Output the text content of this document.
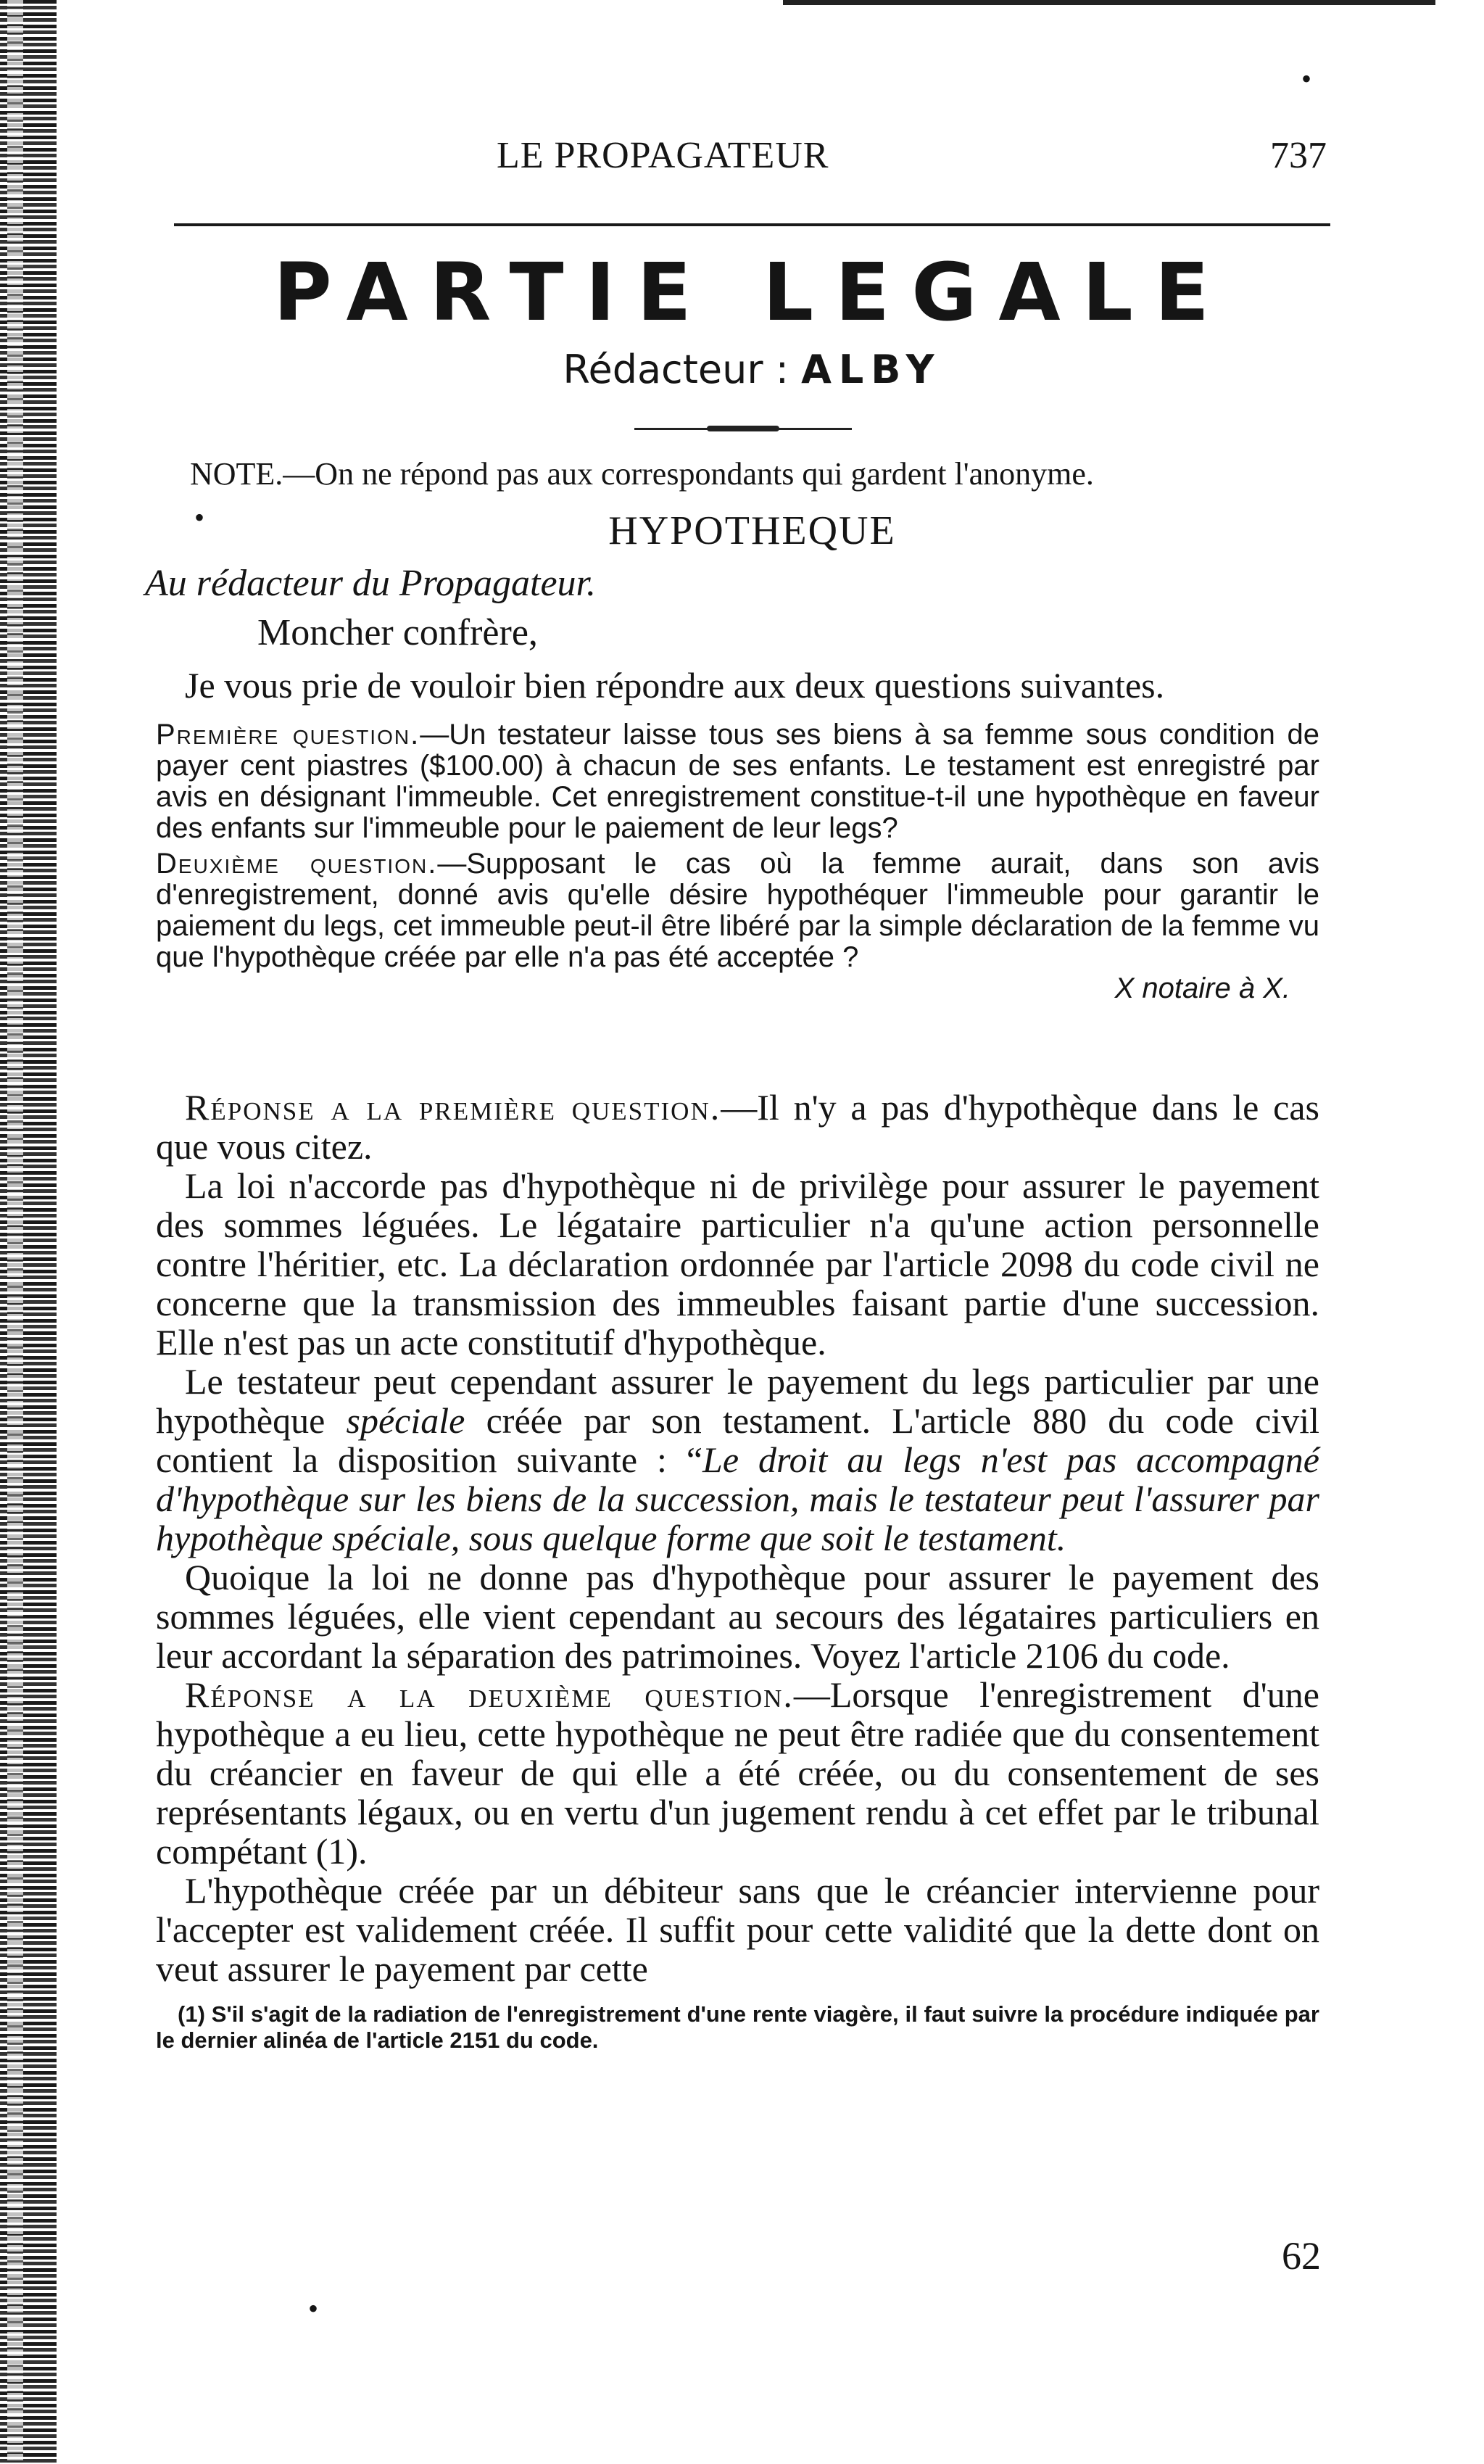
LE PROPAGATEUR	737
PARTIE LEGALE
Rédacteur : ALBY
NOTE.—On ne répond pas aux correspondants qui gardent l'anonyme.
HYPOTHEQUE
Au rédacteur du Propagateur.
Moncher confrère,

Je vous prie de vouloir bien répondre aux deux questions suivantes.

Première question.—Un testateur laisse tous ses biens à sa femme sous condition de payer cent piastres ($100.00) à chacun de ses enfants. Le testament est enregistré par avis en désignant l'immeuble. Cet enregistrement constitue-t-il une hypothèque en faveur des enfants sur l'immeuble pour le paiement de leur legs?

Deuxième question.—Supposant le cas où la femme aurait, dans son avis d'enregistrement, donné avis qu'elle désire hypothéquer l'immeuble pour garantir le paiement du legs, cet immeuble peut-il être libéré par la simple déclaration de la femme vu que l'hypothèque créée par elle n'a pas été acceptée ?

X notaire à X.

Réponse a la première question.—Il n'y a pas d'hypothèque dans le cas que vous citez.

La loi n'accorde pas d'hypothèque ni de privilège pour assurer le payement des sommes léguées. Le légataire particulier n'a qu'une action personnelle contre l'héritier, etc. La déclaration ordonnée par l'article 2098 du code civil ne concerne que la transmission des immeubles faisant partie d'une succession. Elle n'est pas un acte constitutif d'hypothèque.

Le testateur peut cependant assurer le payement du legs particulier par une hypothèque spéciale créée par son testament. L'article 880 du code civil contient la disposition suivante : “Le droit au legs n'est pas accompagné d'hypothèque sur les biens de la succession, mais le testateur peut l'assurer par hypothèque spéciale, sous quelque forme que soit le testament.

Quoique la loi ne donne pas d'hypothèque pour assurer le payement des sommes léguées, elle vient cependant au secours des légataires particuliers en leur accordant la séparation des patrimoines. Voyez l'article 2106 du code.

Réponse a la deuxième question.—Lorsque l'enregistrement d'une hypothèque a eu lieu, cette hypothèque ne peut être radiée que du consentement du créancier en faveur de qui elle a été créée, ou du consentement de ses représentants légaux, ou en vertu d'un jugement rendu à cet effet par le tribunal compétant (1).

L'hypothèque créée par un débiteur sans que le créancier intervienne pour l'accepter est validement créée. Il suffit pour cette validité que la dette dont on veut assurer le payement par cette

(1) S'il s'agit de la radiation de l'enregistrement d'une rente viagère, il faut suivre la procédure indiquée par le dernier alinéa de l'article 2151 du code.

62
•
•
•
